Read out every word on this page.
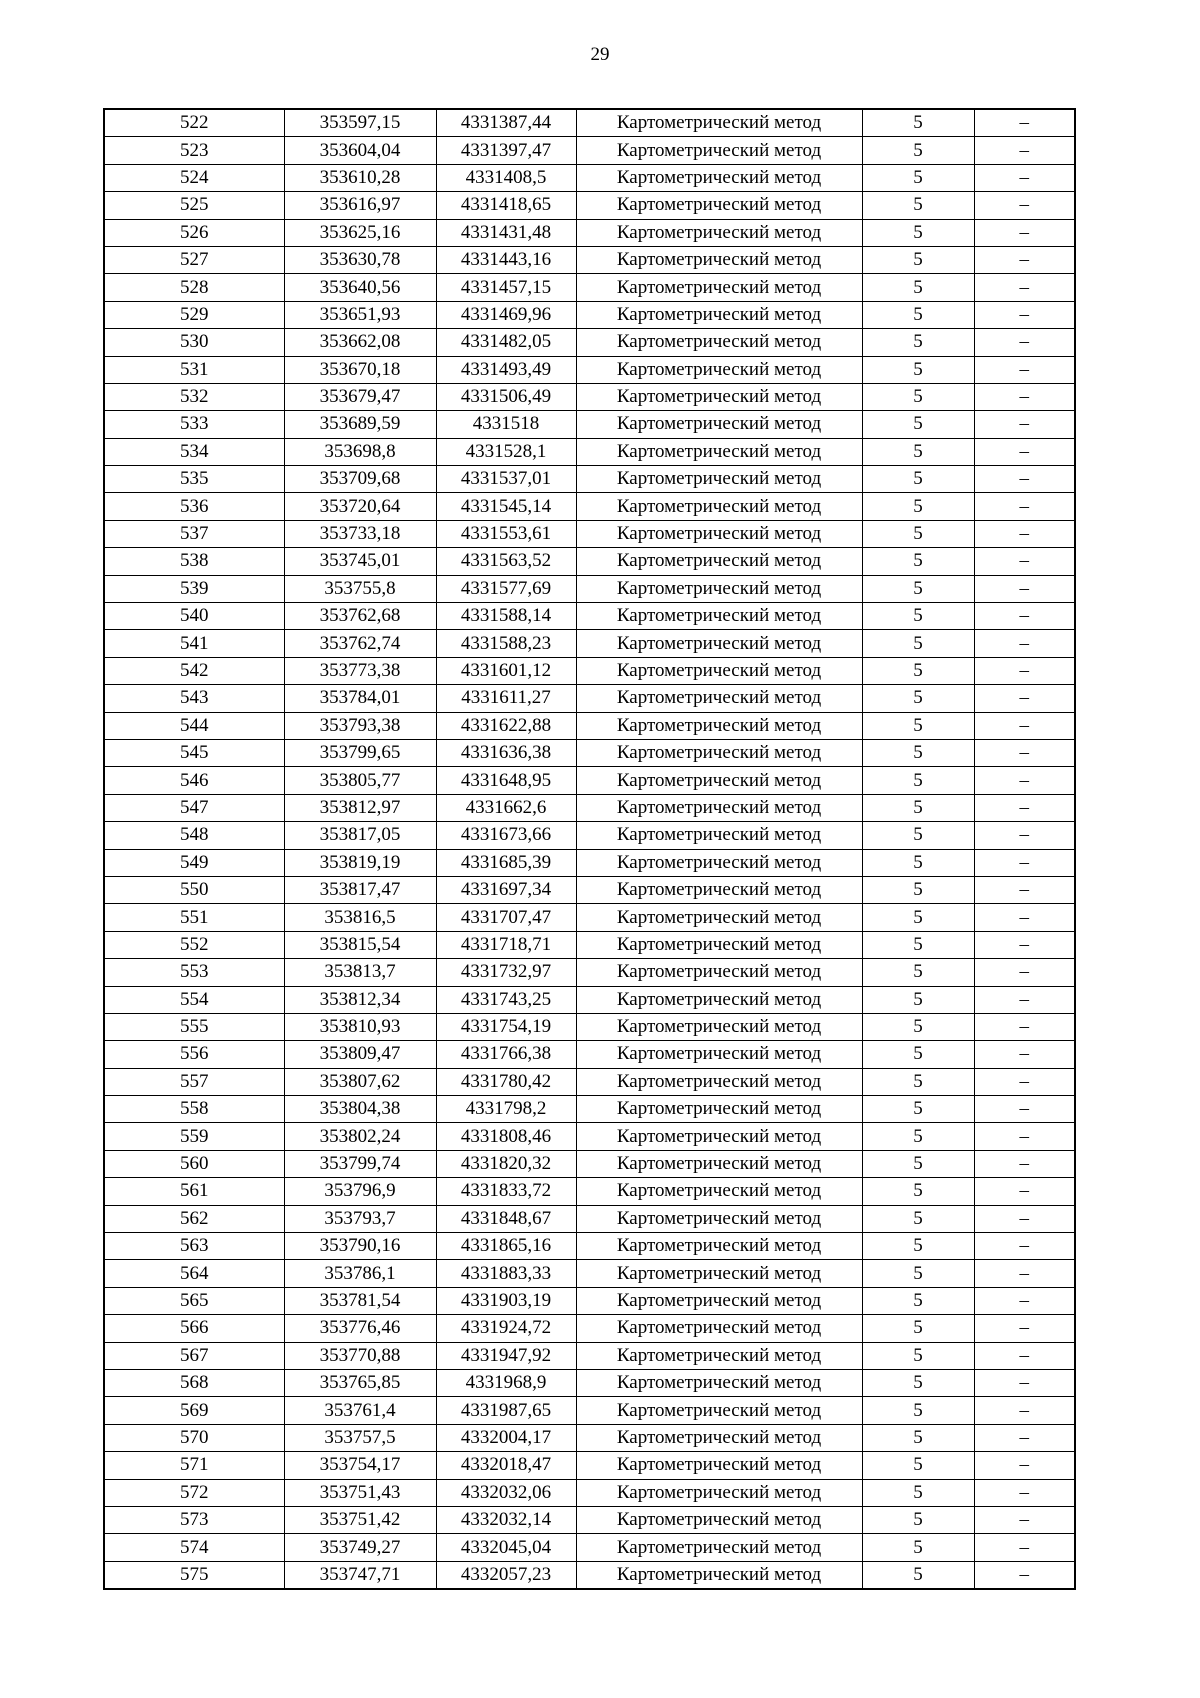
29
522	353597,15	4331387,44	Картометрический метод	5	–
523	353604,04	4331397,47	Картометрический метод	5	–
524	353610,28	4331408,5	Картометрический метод	5	–
525	353616,97	4331418,65	Картометрический метод	5	–
526	353625,16	4331431,48	Картометрический метод	5	–
527	353630,78	4331443,16	Картометрический метод	5	–
528	353640,56	4331457,15	Картометрический метод	5	–
529	353651,93	4331469,96	Картометрический метод	5	–
530	353662,08	4331482,05	Картометрический метод	5	–
531	353670,18	4331493,49	Картометрический метод	5	–
532	353679,47	4331506,49	Картометрический метод	5	–
533	353689,59	4331518	Картометрический метод	5	–
534	353698,8	4331528,1	Картометрический метод	5	–
535	353709,68	4331537,01	Картометрический метод	5	–
536	353720,64	4331545,14	Картометрический метод	5	–
537	353733,18	4331553,61	Картометрический метод	5	–
538	353745,01	4331563,52	Картометрический метод	5	–
539	353755,8	4331577,69	Картометрический метод	5	–
540	353762,68	4331588,14	Картометрический метод	5	–
541	353762,74	4331588,23	Картометрический метод	5	–
542	353773,38	4331601,12	Картометрический метод	5	–
543	353784,01	4331611,27	Картометрический метод	5	–
544	353793,38	4331622,88	Картометрический метод	5	–
545	353799,65	4331636,38	Картометрический метод	5	–
546	353805,77	4331648,95	Картометрический метод	5	–
547	353812,97	4331662,6	Картометрический метод	5	–
548	353817,05	4331673,66	Картометрический метод	5	–
549	353819,19	4331685,39	Картометрический метод	5	–
550	353817,47	4331697,34	Картометрический метод	5	–
551	353816,5	4331707,47	Картометрический метод	5	–
552	353815,54	4331718,71	Картометрический метод	5	–
553	353813,7	4331732,97	Картометрический метод	5	–
554	353812,34	4331743,25	Картометрический метод	5	–
555	353810,93	4331754,19	Картометрический метод	5	–
556	353809,47	4331766,38	Картометрический метод	5	–
557	353807,62	4331780,42	Картометрический метод	5	–
558	353804,38	4331798,2	Картометрический метод	5	–
559	353802,24	4331808,46	Картометрический метод	5	–
560	353799,74	4331820,32	Картометрический метод	5	–
561	353796,9	4331833,72	Картометрический метод	5	–
562	353793,7	4331848,67	Картометрический метод	5	–
563	353790,16	4331865,16	Картометрический метод	5	–
564	353786,1	4331883,33	Картометрический метод	5	–
565	353781,54	4331903,19	Картометрический метод	5	–
566	353776,46	4331924,72	Картометрический метод	5	–
567	353770,88	4331947,92	Картометрический метод	5	–
568	353765,85	4331968,9	Картометрический метод	5	–
569	353761,4	4331987,65	Картометрический метод	5	–
570	353757,5	4332004,17	Картометрический метод	5	–
571	353754,17	4332018,47	Картометрический метод	5	–
572	353751,43	4332032,06	Картометрический метод	5	–
573	353751,42	4332032,14	Картометрический метод	5	–
574	353749,27	4332045,04	Картометрический метод	5	–
575	353747,71	4332057,23	Картометрический метод	5	–
